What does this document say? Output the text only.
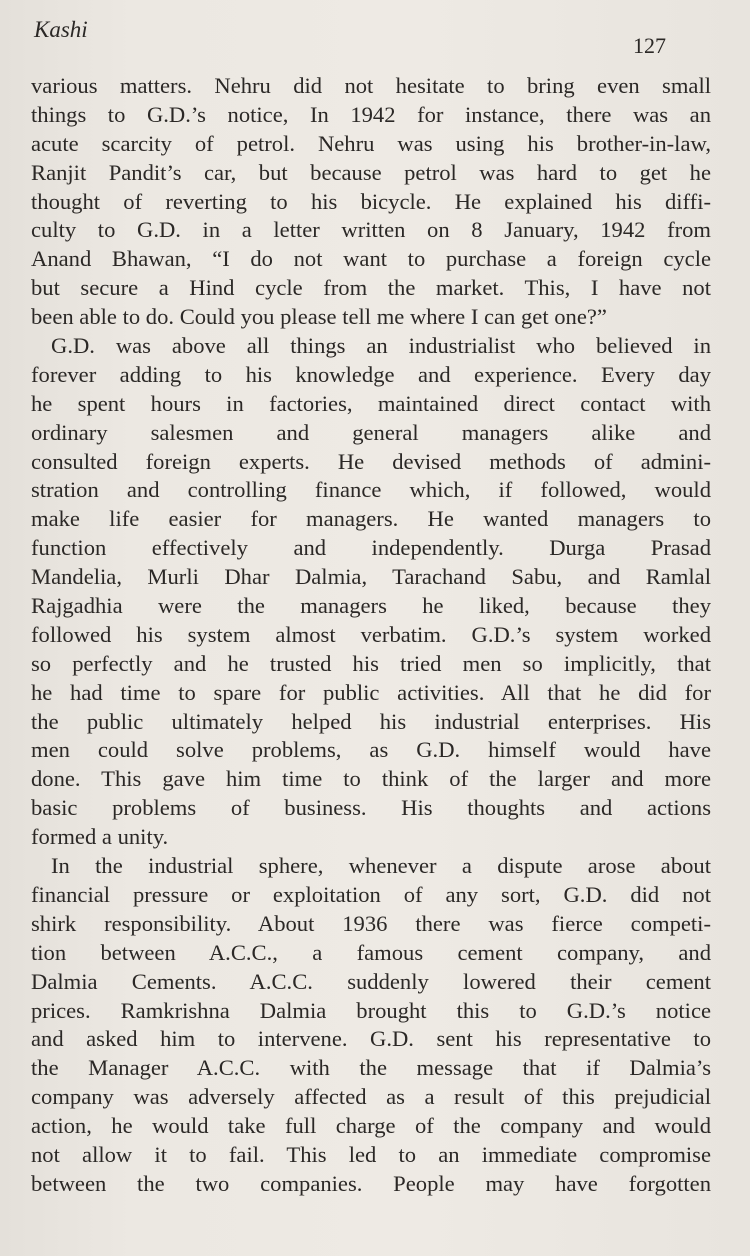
Kashi
127
various matters. Nehru did not hesitate to bring even small
things to G.D.’s notice, In 1942 for instance, there was an
acute scarcity of petrol. Nehru was using his brother-in-law,
Ranjit Pandit’s car, but because petrol was hard to get he
thought of reverting to his bicycle. He explained his diffi-
culty to G.D. in a letter written on 8 January, 1942 from
Anand Bhawan, “I do not want to purchase a foreign cycle
but secure a Hind cycle from the market. This, I have not
been able to do. Could you please tell me where I can get one?”
G.D. was above all things an industrialist who believed in
forever adding to his knowledge and experience. Every day
he spent hours in factories, maintained direct contact with
ordinary salesmen and general managers alike and
consulted foreign experts. He devised methods of admini-
stration and controlling finance which, if followed, would
make life easier for managers. He wanted managers to
function effectively and independently. Durga Prasad
Mandelia, Murli Dhar Dalmia, Tarachand Sabu, and Ramlal
Rajgadhia were the managers he liked, because they
followed his system almost verbatim. G.D.’s system worked
so perfectly and he trusted his tried men so implicitly, that
he had time to spare for public activities. All that he did for
the public ultimately helped his industrial enterprises. His
men could solve problems, as G.D. himself would have
done. This gave him time to think of the larger and more
basic problems of business. His thoughts and actions
formed a unity.
In the industrial sphere, whenever a dispute arose about
financial pressure or exploitation of any sort, G.D. did not
shirk responsibility. About 1936 there was fierce competi-
tion between A.C.C., a famous cement company, and
Dalmia Cements. A.C.C. suddenly lowered their cement
prices. Ramkrishna Dalmia brought this to G.D.’s notice
and asked him to intervene. G.D. sent his representative to
the Manager A.C.C. with the message that if Dalmia’s
company was adversely affected as a result of this prejudicial
action, he would take full charge of the company and would
not allow it to fail. This led to an immediate compromise
between the two companies. People may have forgotten
